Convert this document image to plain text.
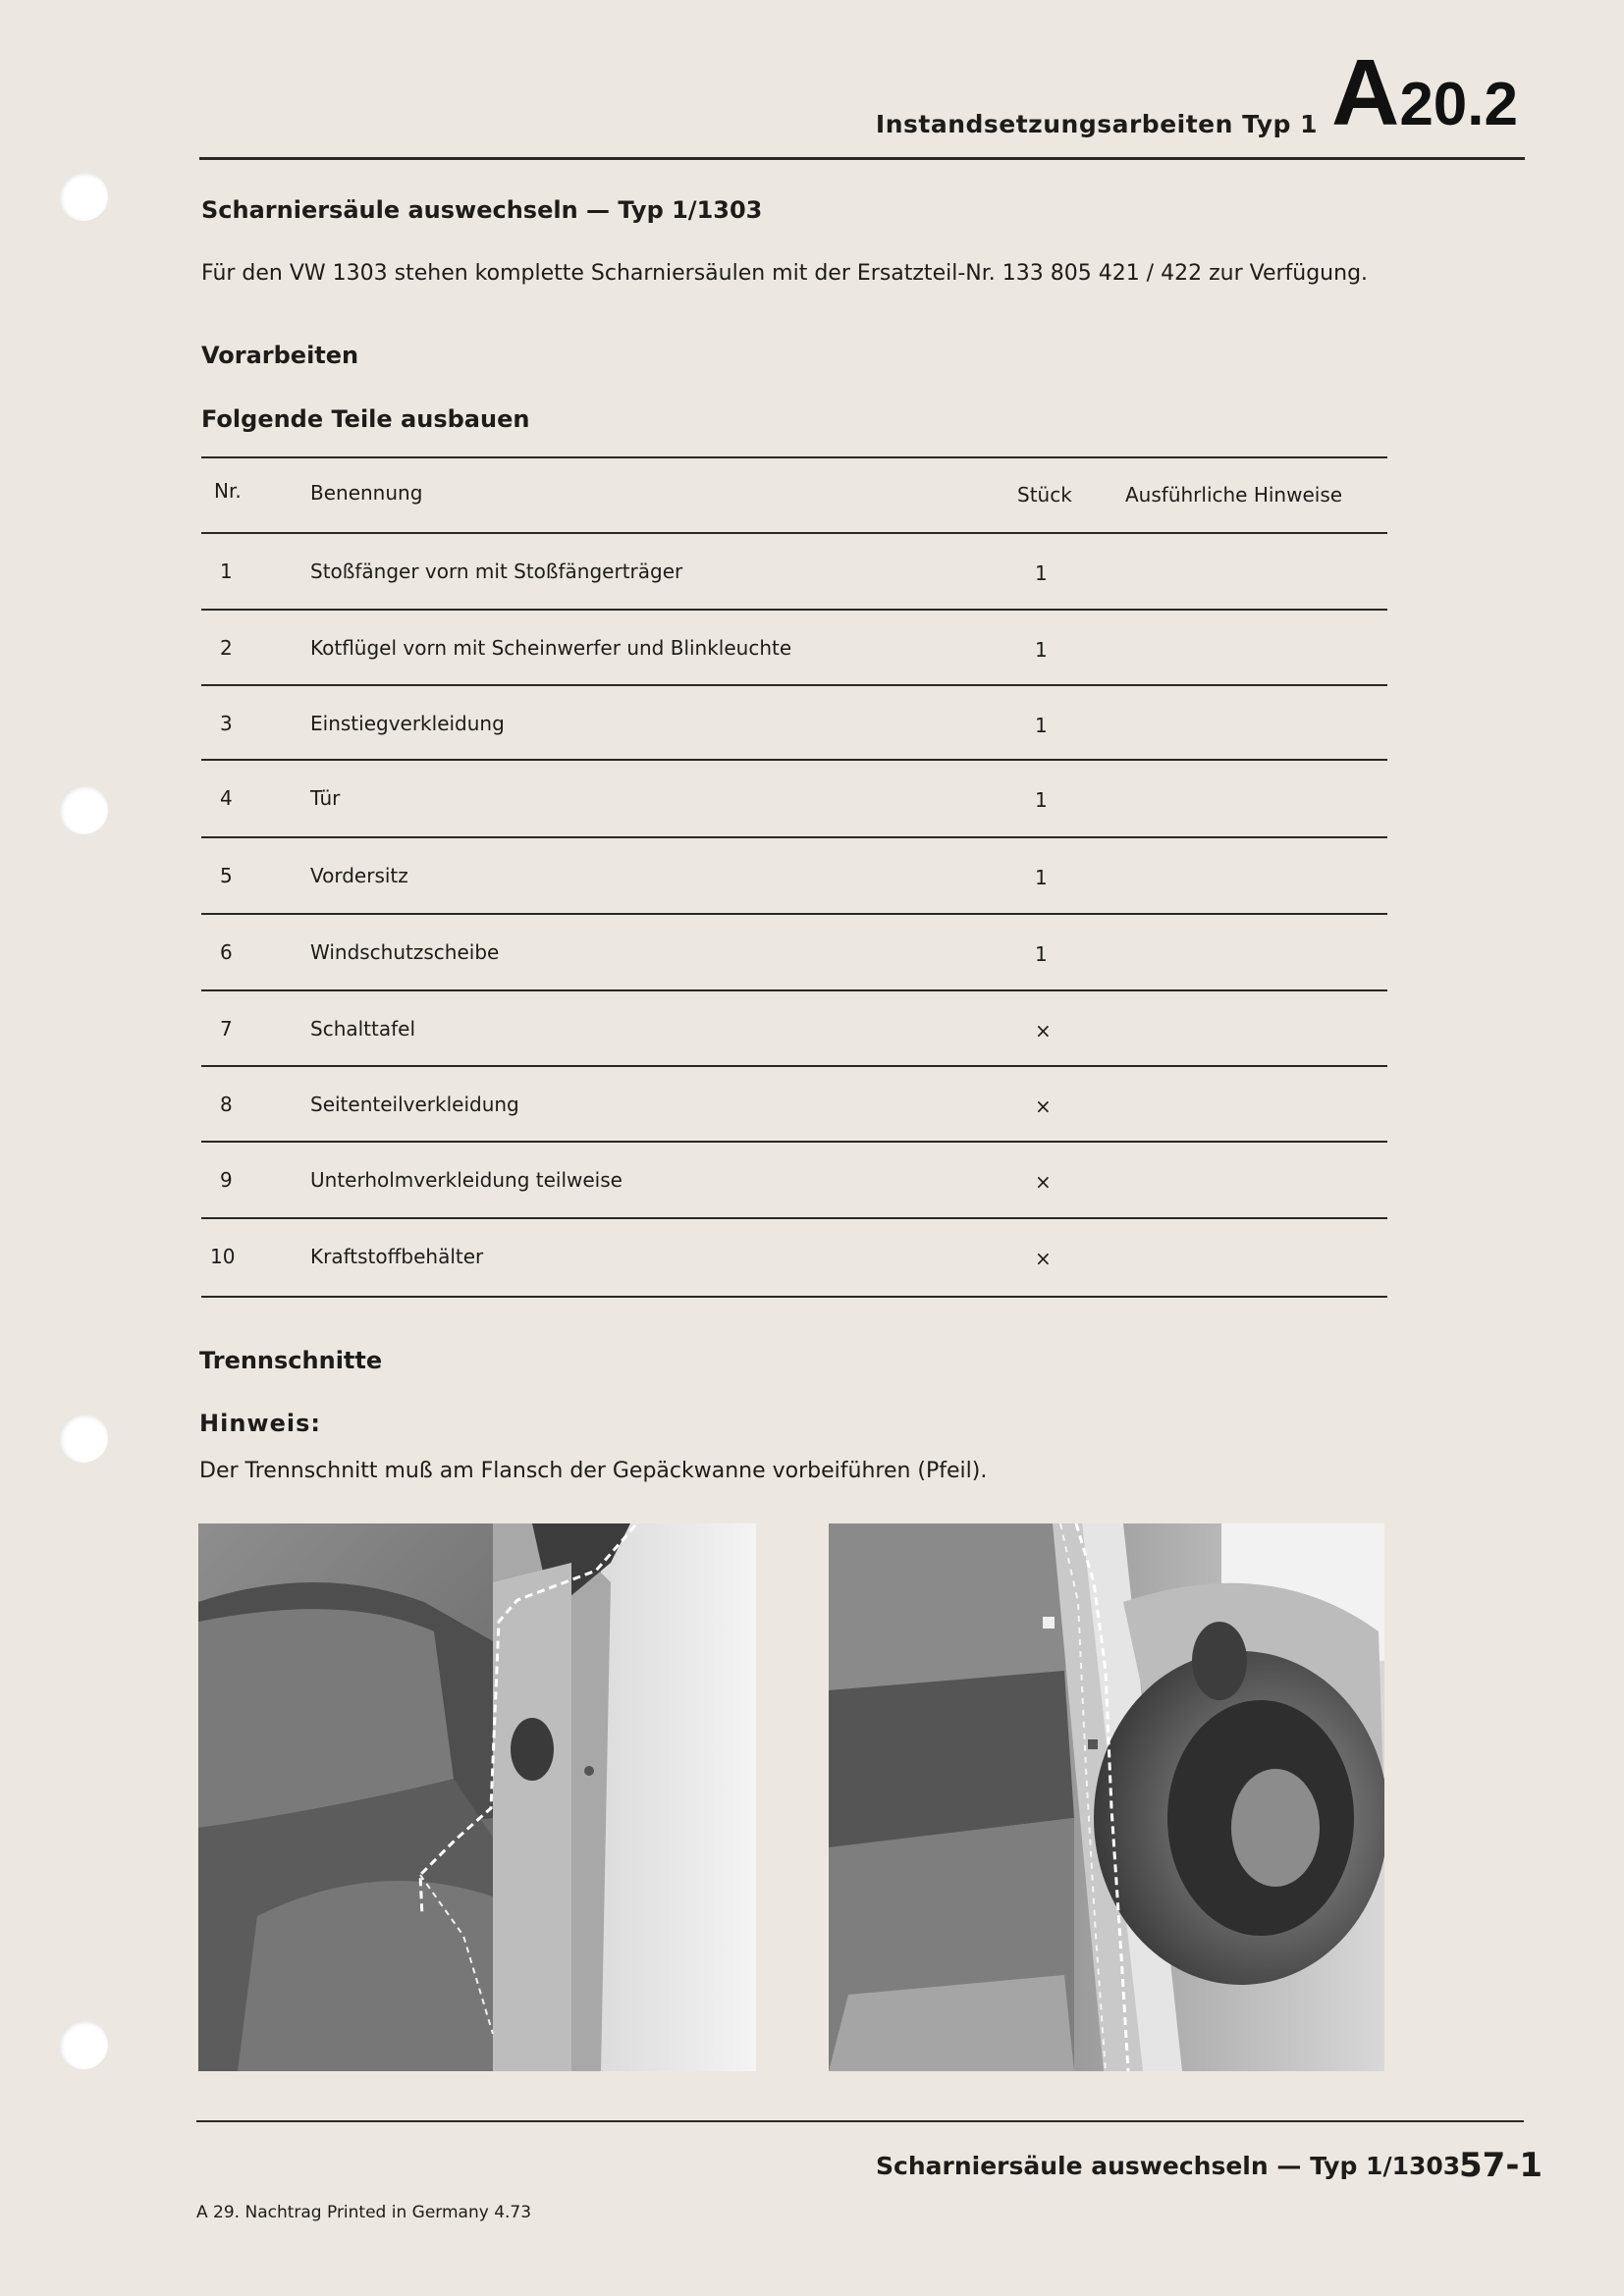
Instandsetzungsarbeiten Typ 1 A20.2
Scharniersäule auswechseln — Typ 1/1303
Für den VW 1303 stehen komplette Scharniersäulen mit der Ersatzteil-Nr. 133 805 421 / 422 zur Verfügung.
Vorarbeiten
Folgende Teile ausbauen
Nr.	Benennung	Stück	Ausführliche Hinweise
1	Stoßfänger vorn mit Stoßfängerträger	1
2	Kotflügel vorn mit Scheinwerfer und Blinkleuchte	1
3	Einstiegverkleidung	1
4	Tür	1
5	Vordersitz	1
6	Windschutzscheibe	1
7	Schalttafel	×
8	Seitenteilverkleidung	×
9	Unterholmverkleidung teilweise	×
10	Kraftstoffbehälter	×
Trennschnitte
Hinweis:
Der Trennschnitt muß am Flansch der Gepäckwanne vorbeiführen (Pfeil).
Scharniersäule auswechseln — Typ 1/1303
57-1
A 29. Nachtrag Printed in Germany 4.73
